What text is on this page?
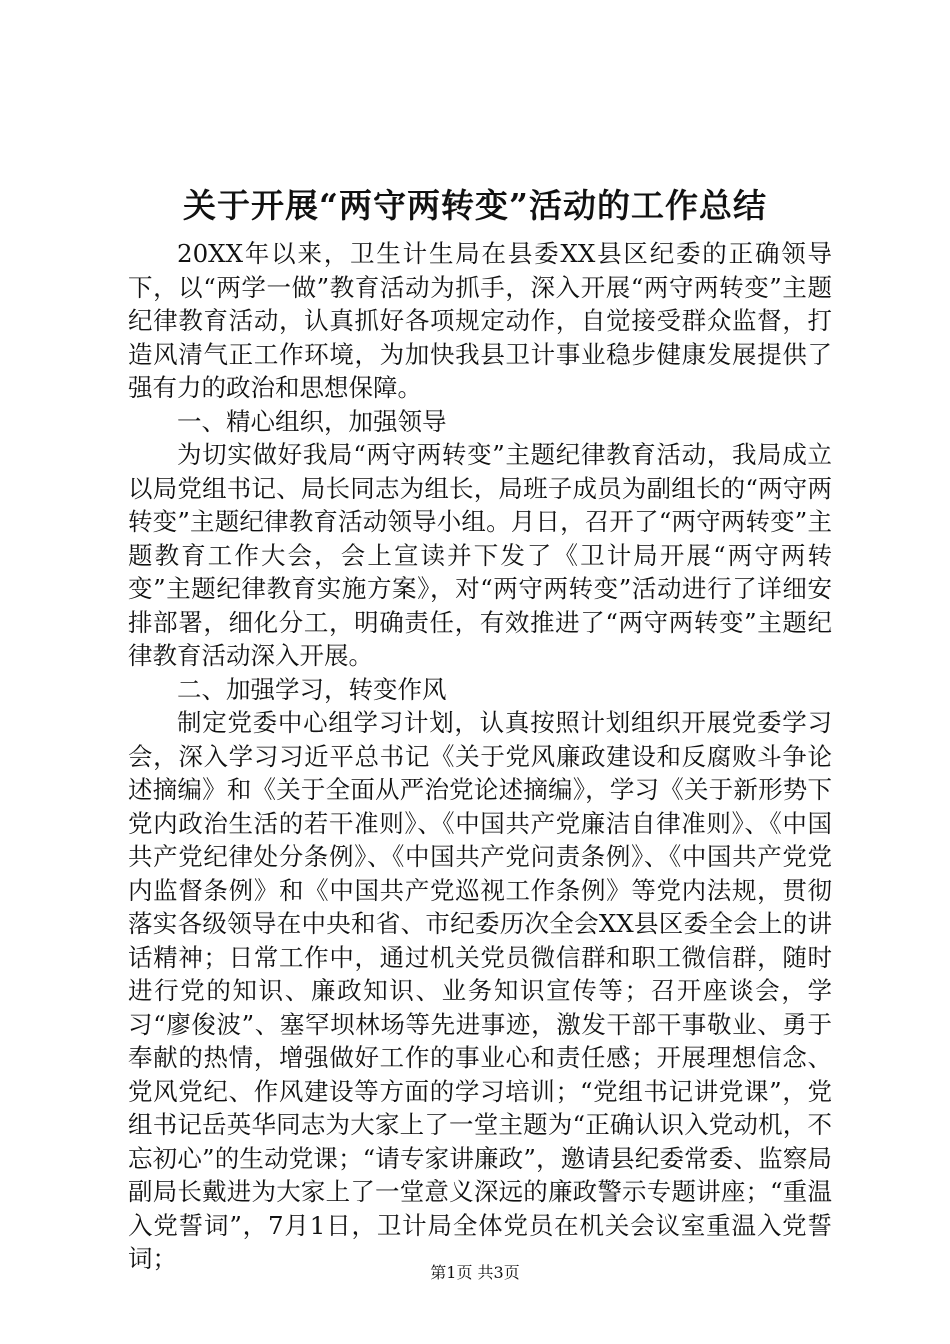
关于开展“两守两转变”活动的工作总结

20XX年以来，卫生计生局在县委XX县区纪委的正确领导下，以“两学一做”教育活动为抓手，深入开展“两守两转变”主题纪律教育活动，认真抓好各项规定动作，自觉接受群众监督，打造风清气正工作环境，为加快我县卫计事业稳步健康发展提供了强有力的政治和思想保障。

一、精心组织，加强领导

为切实做好我局“两守两转变”主题纪律教育活动，我局成立以局党组书记、局长同志为组长，局班子成员为副组长的“两守两转变”主题纪律教育活动领导小组。月日，召开了“两守两转变”主题教育工作大会，会上宣读并下发了《卫计局开展“两守两转变”主题纪律教育实施方案》，对“两守两转变”活动进行了详细安排部署，细化分工，明确责任，有效推进了“两守两转变”主题纪律教育活动深入开展。

二、加强学习，转变作风

制定党委中心组学习计划，认真按照计划组织开展党委学习会，深入学习习近平总书记《关于党风廉政建设和反腐败斗争论述摘编》和《关于全面从严治党论述摘编》，学习《关于新形势下党内政治生活的若干准则》、《中国共产党廉洁自律准则》、《中国共产党纪律处分条例》、《中国共产党问责条例》、《中国共产党党内监督条例》和《中国共产党巡视工作条例》等党内法规，贯彻落实各级领导在中央和省、市纪委历次全会XX县区委全会上的讲话精神；日常工作中，通过机关党员微信群和职工微信群，随时进行党的知识、廉政知识、业务知识宣传等；召开座谈会，学习“廖俊波”、塞罕坝林场等先进事迹，激发干部干事敬业、勇于奉献的热情，增强做好工作的事业心和责任感；开展理想信念、党风党纪、作风建设等方面的学习培训；“党组书记讲党课”，党组书记岳英华同志为大家上了一堂主题为“正确认识入党动机，不忘初心”的生动党课；“请专家讲廉政”，邀请县纪委常委、监察局副局长戴进为大家上了一堂意义深远的廉政警示专题讲座；“重温入党誓词”，7月1日，卫计局全体党员在机关会议室重温入党誓词；	第1页 共3页
